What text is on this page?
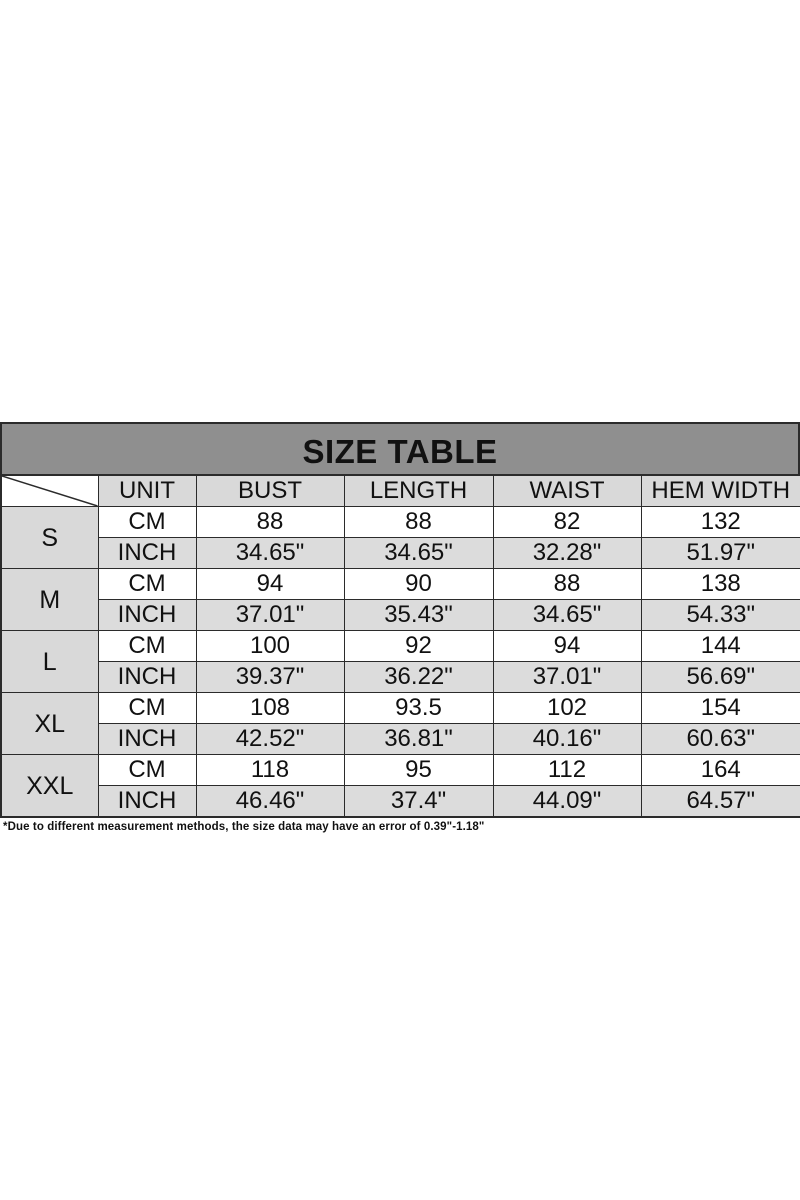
SIZE TABLE
	UNIT	BUST	LENGTH	WAIST	HEM WIDTH
S	CM	88	88	82	132
	INCH	34.65"	34.65"	32.28"	51.97"
M	CM	94	90	88	138
	INCH	37.01"	35.43"	34.65"	54.33"
L	CM	100	92	94	144
	INCH	39.37"	36.22"	37.01"	56.69"
XL	CM	108	93.5	102	154
	INCH	42.52"	36.81"	40.16"	60.63"
XXL	CM	118	95	112	164
	INCH	46.46"	37.4"	44.09"	64.57"
*Due to different measurement methods, the size data may have an error of 0.39"-1.18"
